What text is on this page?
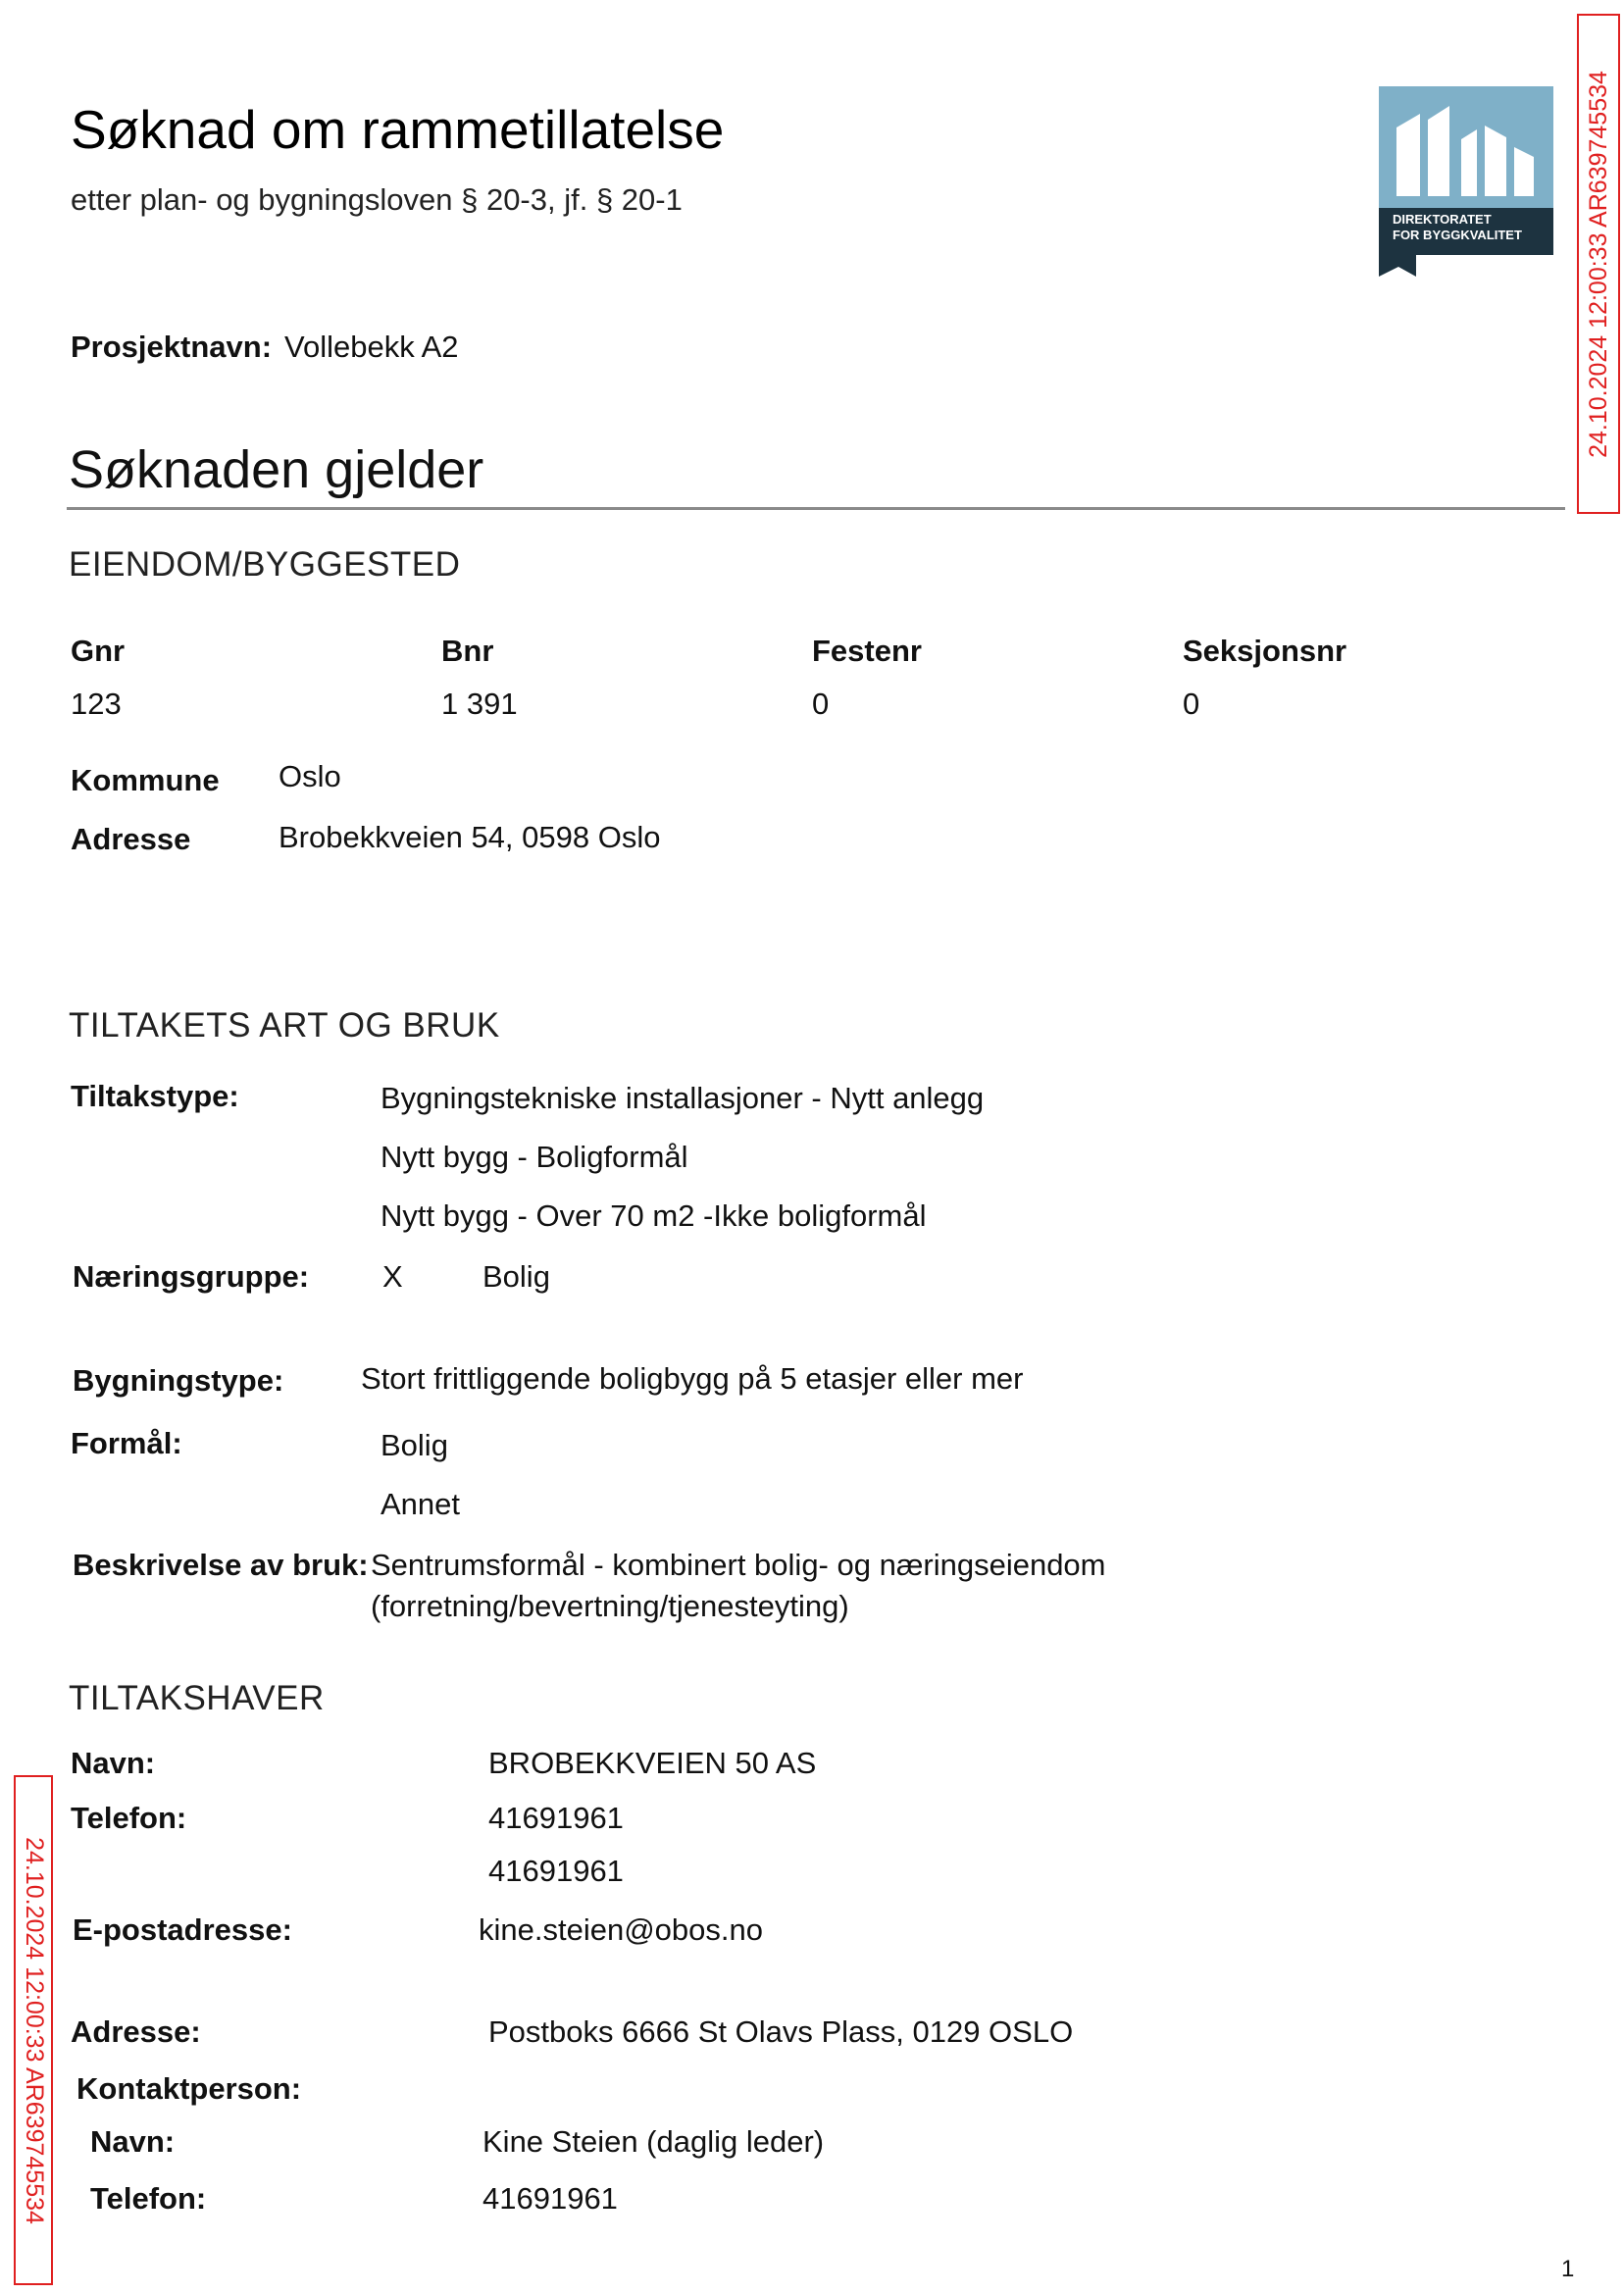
Søknad om rammetillatelse
etter plan- og bygningsloven § 20-3, jf. § 20-1
DIREKTORATET
FOR BYGGKVALITET	24.10.2024 12:00:33 AR639745534
24.10.2024 12:00:33 AR639745534
Prosjektnavn: Vollebekk A2
Søknaden gjelder
EIENDOM/BYGGESTED
Gnr	Bnr	Festenr	Seksjonsnr
123	1 391	0	0
Kommune Oslo
Adresse	Brobekkveien 54, 0598 Oslo
TILTAKETS ART OG BRUK
Tiltakstype:	Bygningstekniske installasjoner - Nytt anlegg
Nytt bygg - Boligformål
Nytt bygg - Over 70 m2 -Ikke boligformål
Næringsgruppe: X	Bolig
Bygningstype:	Stort frittliggende boligbygg på 5 etasjer eller mer
Formål:	Bolig
Annet
Beskrivelse av bruk: Sentrumsformål - kombinert bolig- og næringseiendom
(forretning/bevertning/tjenesteyting)
TILTAKSHAVER
Navn:	BROBEKKVEIEN 50 AS
Telefon:	41691961
41691961
E-postadresse:	kine.steien@obos.no
Adresse:	Postboks 6666 St Olavs Plass, 0129 OSLO
Kontaktperson:
Navn:	Kine Steien (daglig leder)
Telefon:	41691961
1
